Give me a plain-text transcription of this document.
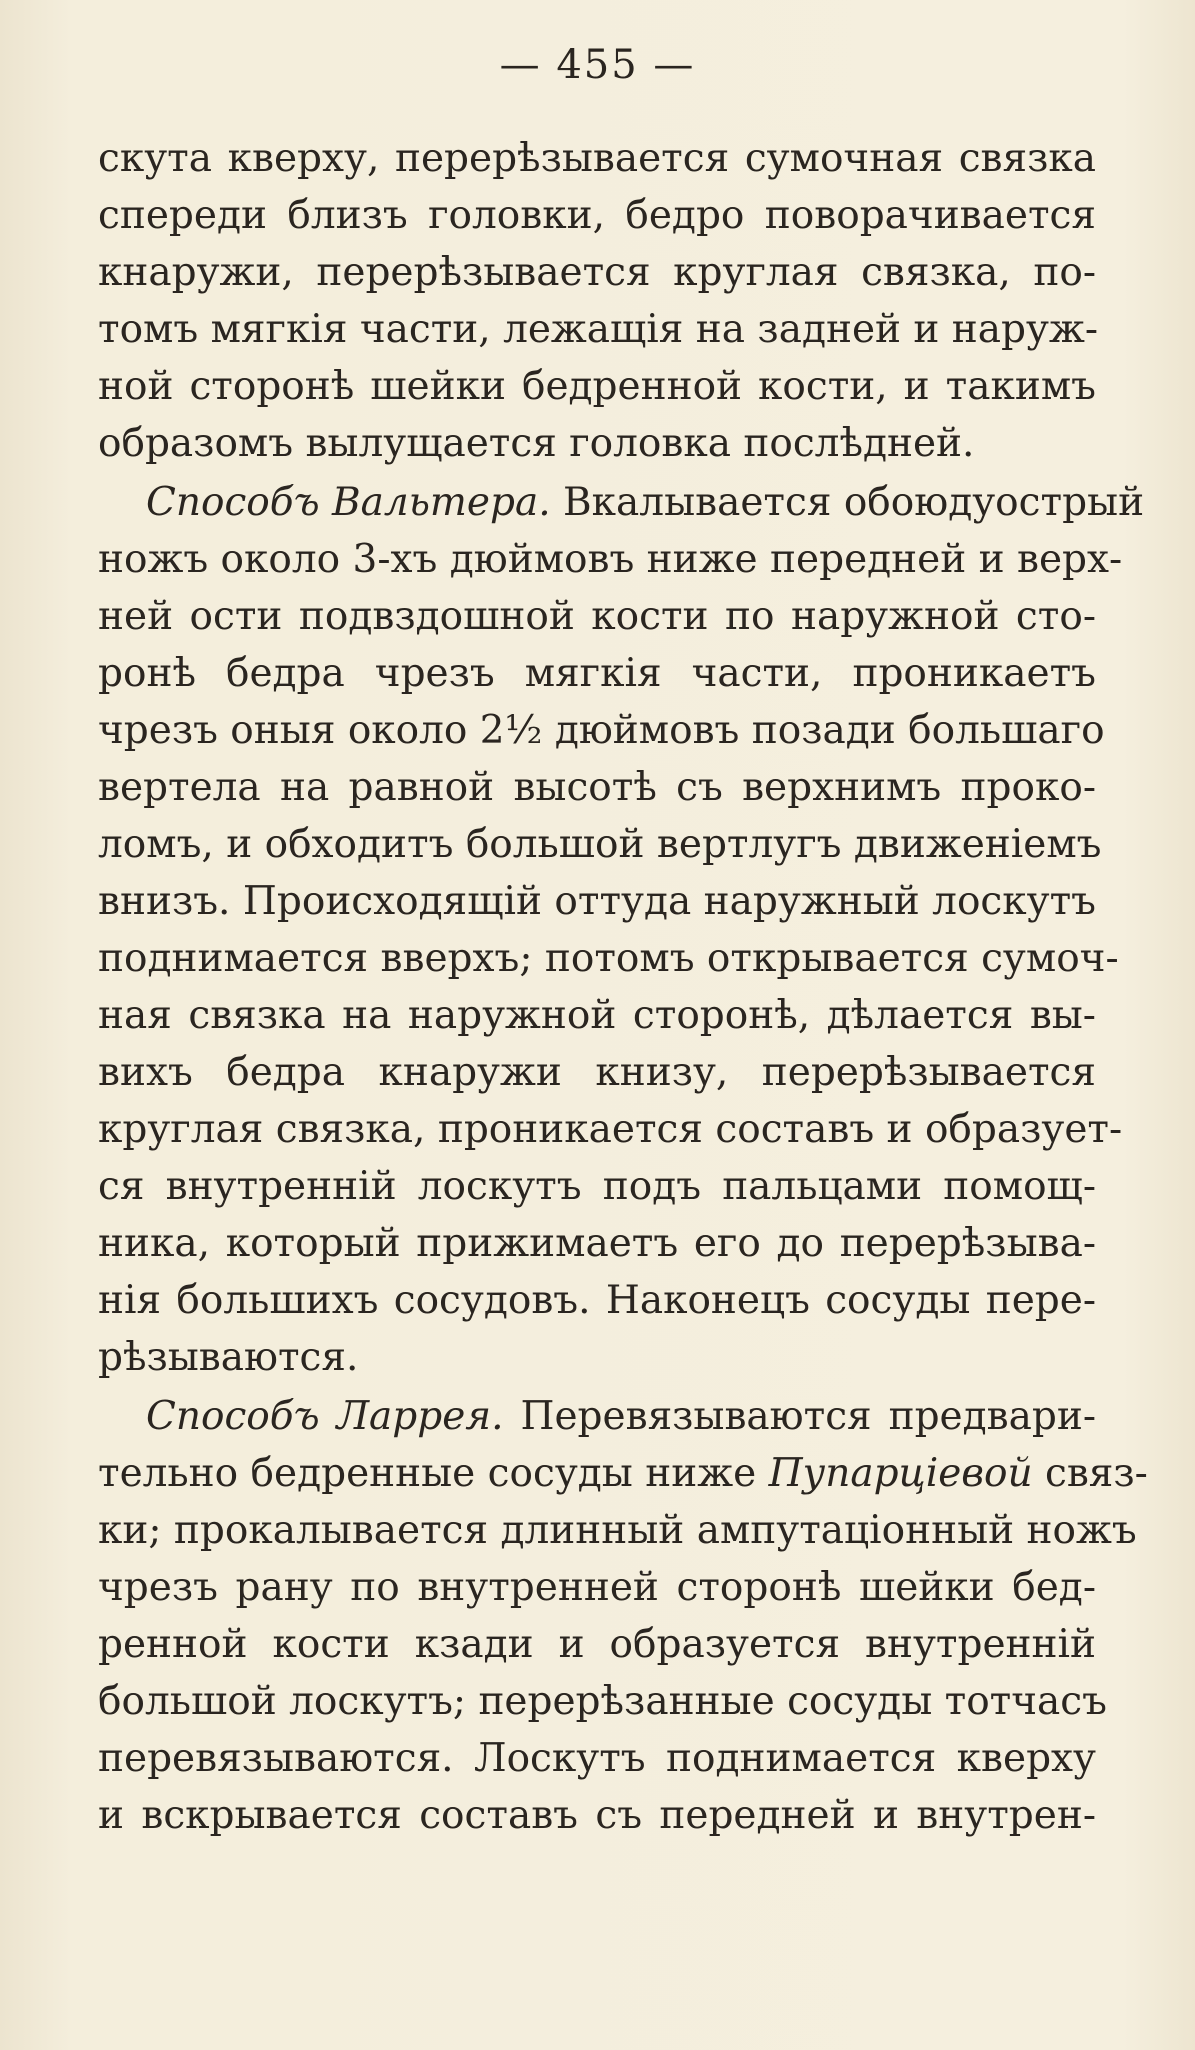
— 455 —
скута кверху, перерѣзывается сумочная связка
спереди близъ головки, бедро поворачивается
кнаружи, перерѣзывается круглая связка, по-
томъ мягкія части, лежащія на задней и наруж-
ной сторонѣ шейки бедренной кости, и такимъ
образомъ вылущается головка послѣдней.
Способъ Вальтера. Вкалывается обоюдуострый
ножъ около 3-хъ дюймовъ ниже передней и верх-
ней ости подвздошной кости по наружной сто-
ронѣ бедра чрезъ мягкія части, проникаетъ
чрезъ оныя около 2½ дюймовъ позади большаго
вертела на равной высотѣ съ верхнимъ проко-
ломъ, и обходитъ большой вертлугъ движеніемъ
внизъ. Происходящій оттуда наружный лоскутъ
поднимается вверхъ; потомъ открывается сумоч-
ная связка на наружной сторонѣ, дѣлается вы-
вихъ бедра кнаружи книзу, перерѣзывается
круглая связка, проникается составъ и образует-
ся внутренній лоскутъ подъ пальцами помощ-
ника, который прижимаетъ его до перерѣзыва-
нія большихъ сосудовъ. Наконецъ сосуды пере-
рѣзываются.
Способъ Ларрея. Перевязываются предвари-
тельно бедренные сосуды ниже Пупарціевой связ-
ки; прокалывается длинный ампутаціонный ножъ
чрезъ рану по внутренней сторонѣ шейки бед-
ренной кости кзади и образуется внутренній
большой лоскутъ; перерѣзанные сосуды тотчасъ
перевязываются. Лоскутъ поднимается кверху
и вскрывается составъ съ передней и внутрен-
